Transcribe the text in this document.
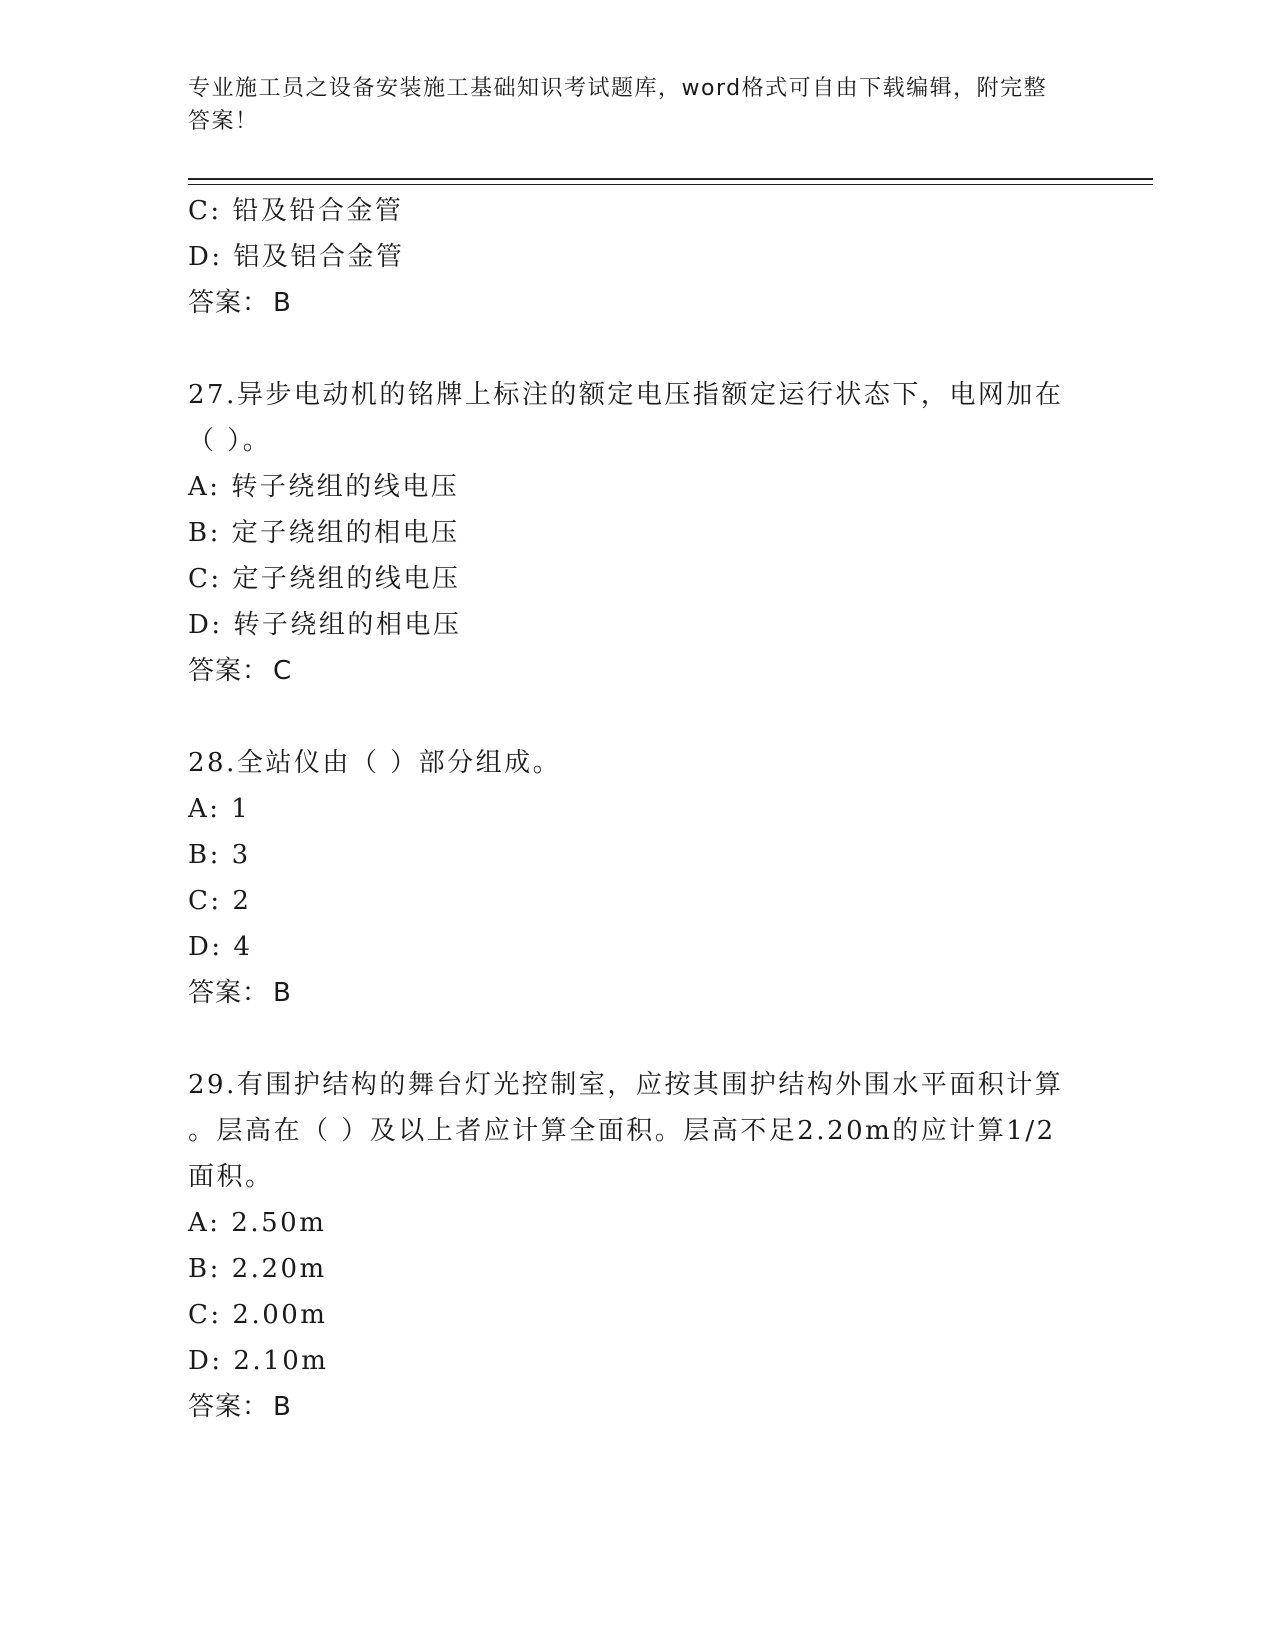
专业施工员之设备安装施工基础知识考试题库，word格式可自由下载编辑，附完整答案！
C: 铅及铅合金管
D: 铝及铝合金管
答案： B
27.异步电动机的铭牌上标注的额定电压指额定运行状态下，电网加在
（ ）。
A: 转子绕组的线电压
B: 定子绕组的相电压
C: 定子绕组的线电压
D: 转子绕组的相电压
答案： C
28.全站仪由（ ）部分组成。
A: 1
B: 3
C: 2
D: 4
答案： B
29.有围护结构的舞台灯光控制室，应按其围护结构外围水平面积计算
。层高在（ ）及以上者应计算全面积。层高不足2.20m的应计算1/2
面积。
A: 2.50m
B: 2.20m
C: 2.00m
D: 2.10m
答案： B
